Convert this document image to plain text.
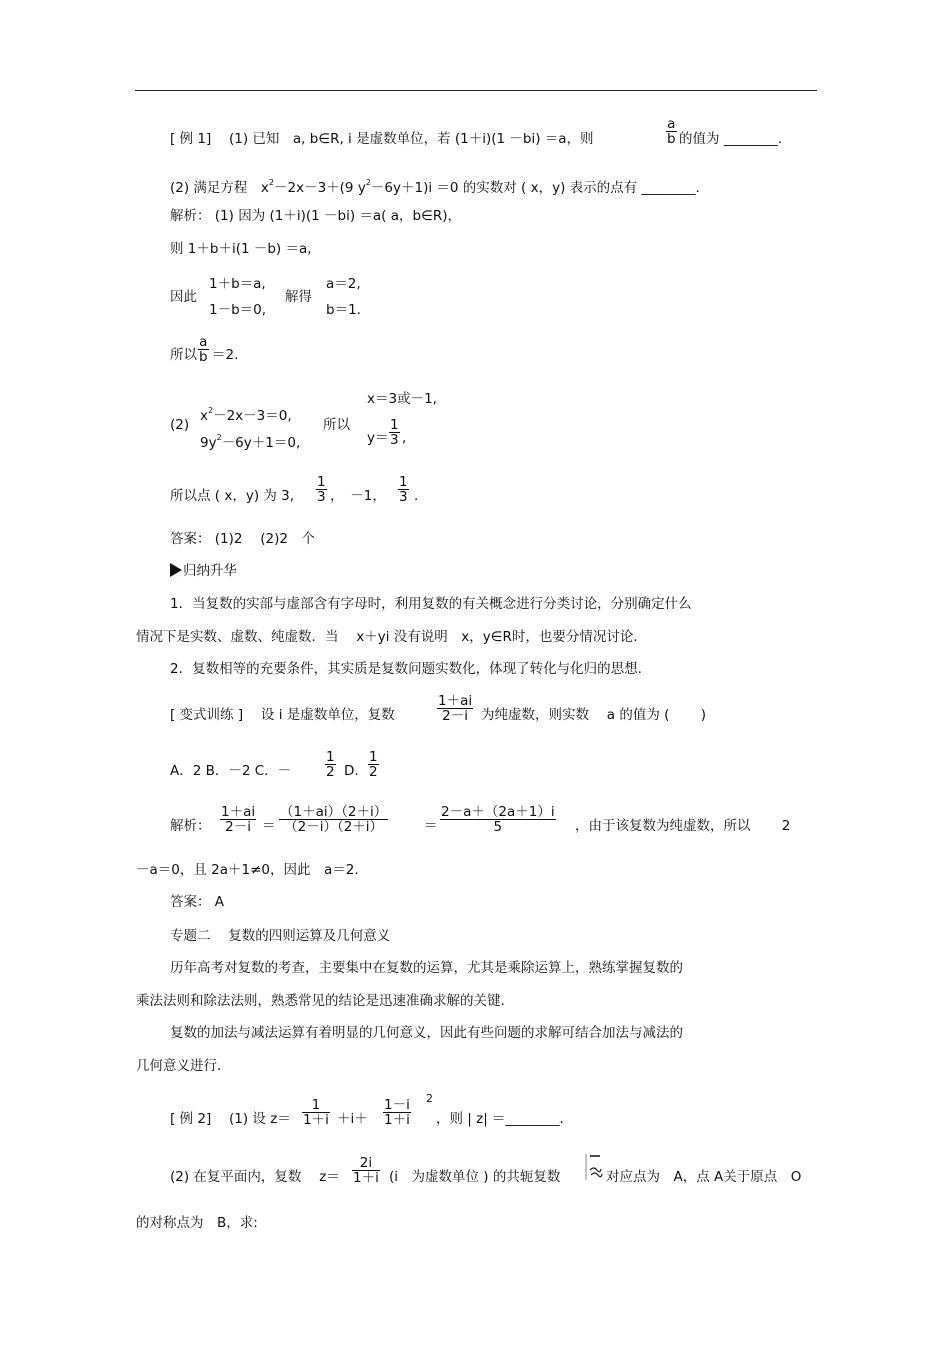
[ 例 1]　 (1) 已知　a, b∈R, i 是虚数单位，若 (1＋i)(1 －bi) ＝a，则	$\frac{a}{b}$ 的值为 ________.
(2) 满足方程　$x^2-2x-3+(9$ $y^2-6y+1)i =0$ 的实数对 ( x，y) 表示的点有 ________.
解析： (1) 因为 (1＋i)(1 －bi) ＝a( a，b∈R)，
则 1＋b＋i(1 －b) ＝a,
因此
1＋b＝a,
1－b＝0,
解得
a＝2,
b＝1.
所以 $\frac{a}{b} =2$.
(2)
$x^2-2x-3=0$,
$9y^2-6y+1=0$,
所以
x＝3或－1,
$y= \frac{1}{3}$ ,
所以点 ( x，y) 为 3, $\frac{1}{3}$ ，　－1， $\frac{1}{3}$ .
答案： (1)2　 (2)2　个
归纳升华
1．当复数的实部与虚部含有字母时，利用复数的有关概念进行分类讨论，分别确定什么
情况下是实数、虚数、纯虚数．当　 x＋yi 没有说明　x，y∈R时，也要分情况讨论.
2．复数相等的充要条件，其实质是复数问题实数化，体现了转化与化归的思想.
[ 变式训练 ]　 设 i 是虚数单位，复数	$\frac{1+ai}{2-i}$ 为纯虚数，则实数　 a 的值为 (　　 )
A．2 B．－2 C．－	$\frac{1}{2} D$. $\frac{1}{2}$
解析： $\frac{1+ai}{2-i} = \frac{(1+ai)(2+i)}{(2-i)(2+i)}$	＝ $\frac{2-a+(2a+1)i}{5}$ ，由于该复数为纯虚数，所以　　 2
－a＝0，且 2a＋1≠0，因此　a＝2.
答案： A
专题二　 复数的四则运算及几何意义
历年高考对复数的考查，主要集中在复数的运算，尤其是乘除运算上，熟练掌握复数的
乘法法则和除法法则，熟悉常见的结论是迅速准确求解的关键.
复数的加法与减法运算有着明显的几何意义，因此有些问题的求解可结合加法与减法的
几何意义进行.
[ 例 2]　 (1) 设 $z= \frac{1}{1+i} +i+ \frac{1-i}{1+i} 2$
，则 | z| ＝________.
(2) 在复平面内，复数　 $z= \frac{2i}{1+i} (i$　为虚数单位 ) 的共轭复数	对应点为　A，点 A关于原点　O
的对称点为　B，求:
